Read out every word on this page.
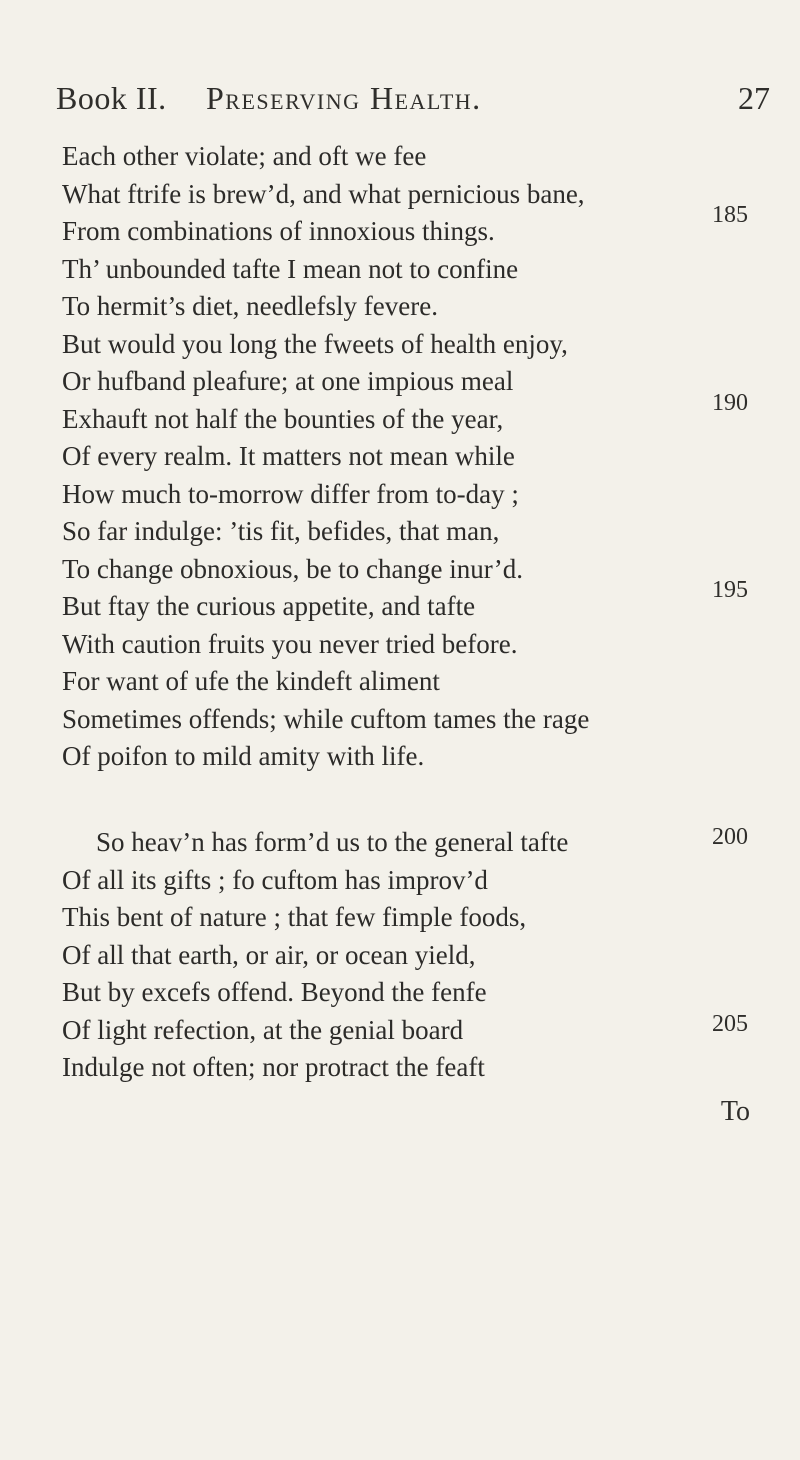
Book II. Preserving Health.	27
Each other violate; and oft we fee
What ftrife is brew’d, and what pernicious bane,
From combinations of innoxious things.
Th’ unbounded tafte I mean not to confine
To hermit’s diet, needlefsly fevere.
But would you long the fweets of health enjoy,
Or hufband pleafure; at one impious meal
Exhauft not half the bounties of the year,
Of every realm. It matters not mean while
How much to-morrow differ from to-day ;
So far indulge: ’tis fit, befides, that man,
To change obnoxious, be to change inur’d.
But ftay the curious appetite, and tafte
With caution fruits you never tried before.
For want of ufe the kindeft aliment
Sometimes offends; while cuftom tames the rage
Of poifon to mild amity with life.
So heav’n has form’d us to the general tafte
Of all its gifts ; fo cuftom has improv’d
This bent of nature ; that few fimple foods,
Of all that earth, or air, or ocean yield,
But by excefs offend. Beyond the fenfe
Of light refection, at the genial board
Indulge not often; nor protract the feaft
185
190
195
200
205
To
